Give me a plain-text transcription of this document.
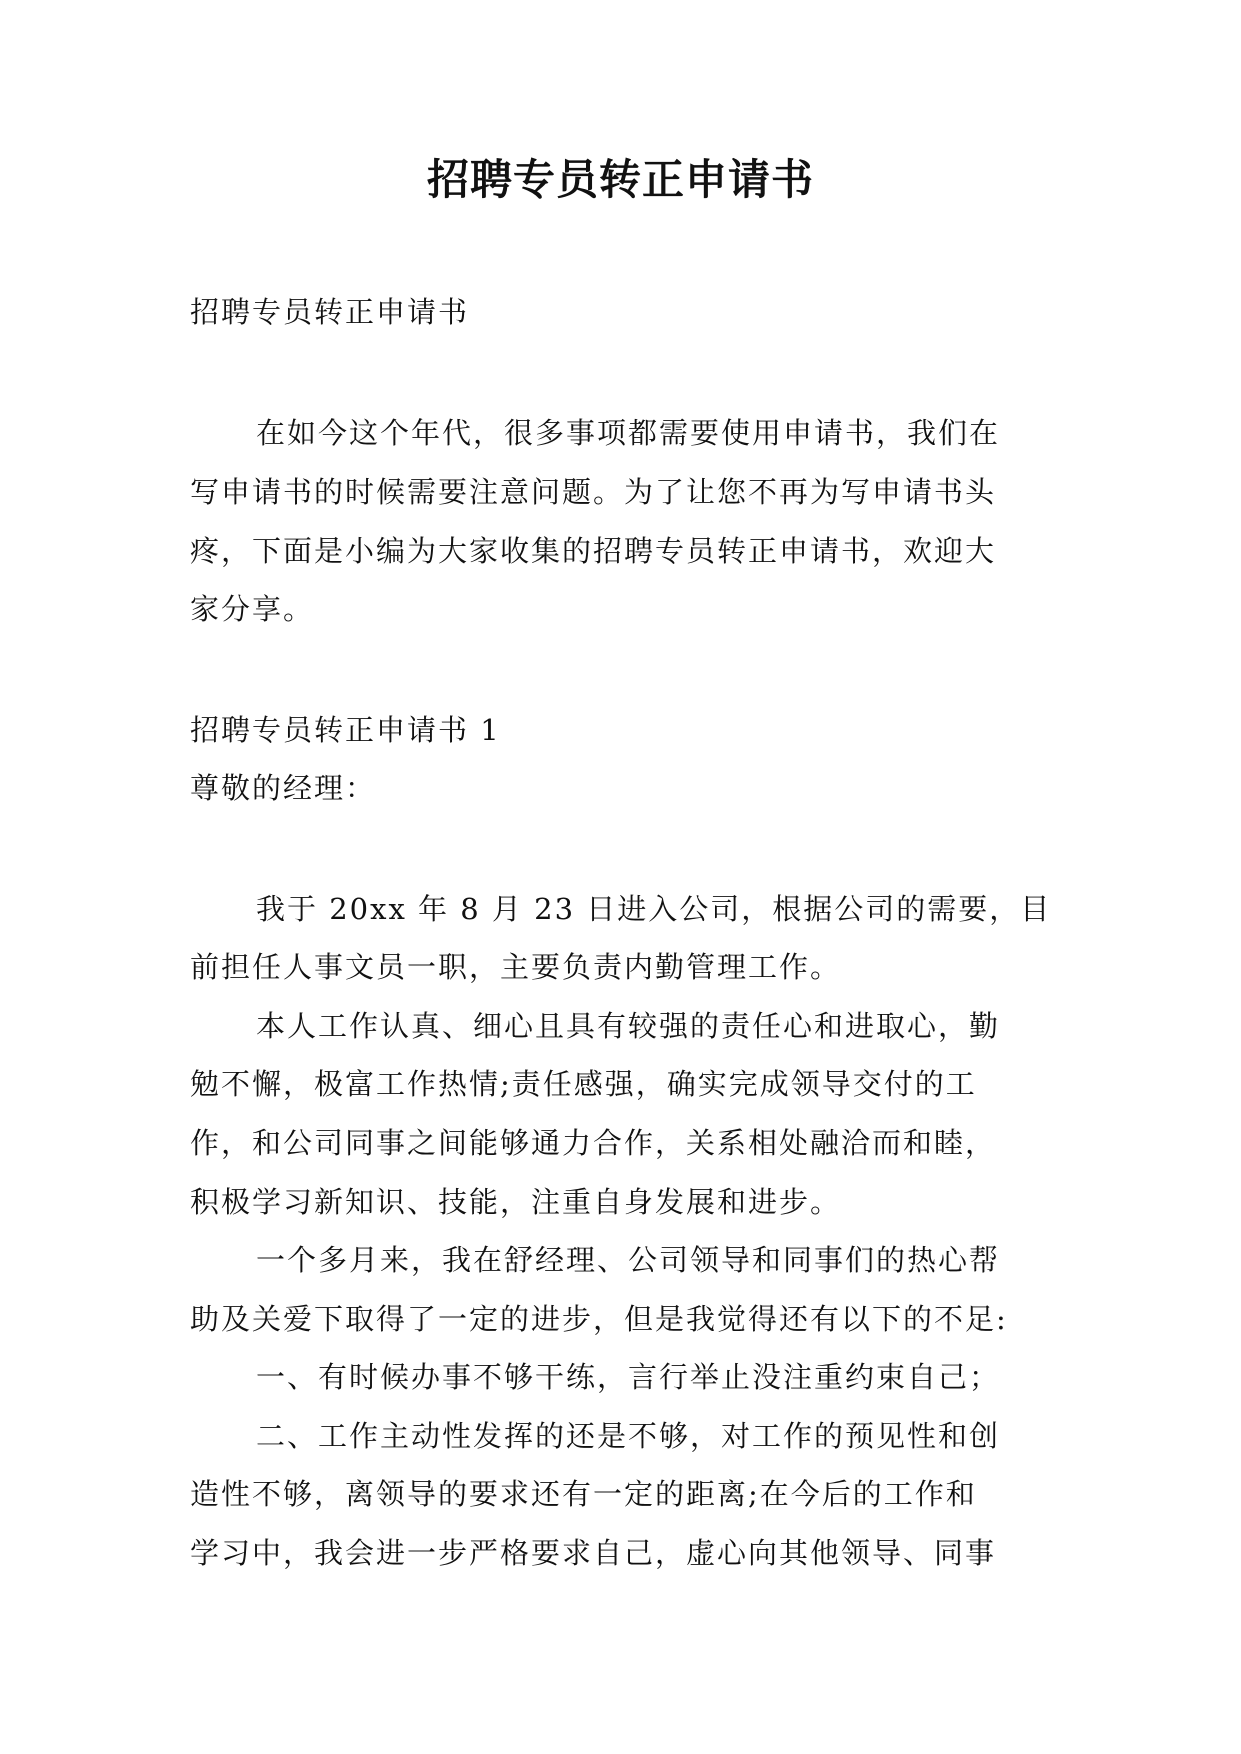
招聘专员转正申请书
招聘专员转正申请书
在如今这个年代，很多事项都需要使用申请书，我们在
写申请书的时候需要注意问题。为了让您不再为写申请书头
疼，下面是小编为大家收集的招聘专员转正申请书，欢迎大
家分享。
招聘专员转正申请书 1
尊敬的经理：
我于 20xx 年 8 月 23 日进入公司，根据公司的需要，目
前担任人事文员一职，主要负责内勤管理工作。
本人工作认真、细心且具有较强的责任心和进取心，勤
勉不懈，极富工作热情;责任感强，确实完成领导交付的工
作，和公司同事之间能够通力合作，关系相处融洽而和睦，
积极学习新知识、技能，注重自身发展和进步。
一个多月来，我在舒经理、公司领导和同事们的热心帮
助及关爱下取得了一定的进步，但是我觉得还有以下的不足:
一、有时候办事不够干练，言行举止没注重约束自己；
二、工作主动性发挥的还是不够，对工作的预见性和创
造性不够，离领导的要求还有一定的距离;在今后的工作和
学习中，我会进一步严格要求自己，虚心向其他领导、同事
